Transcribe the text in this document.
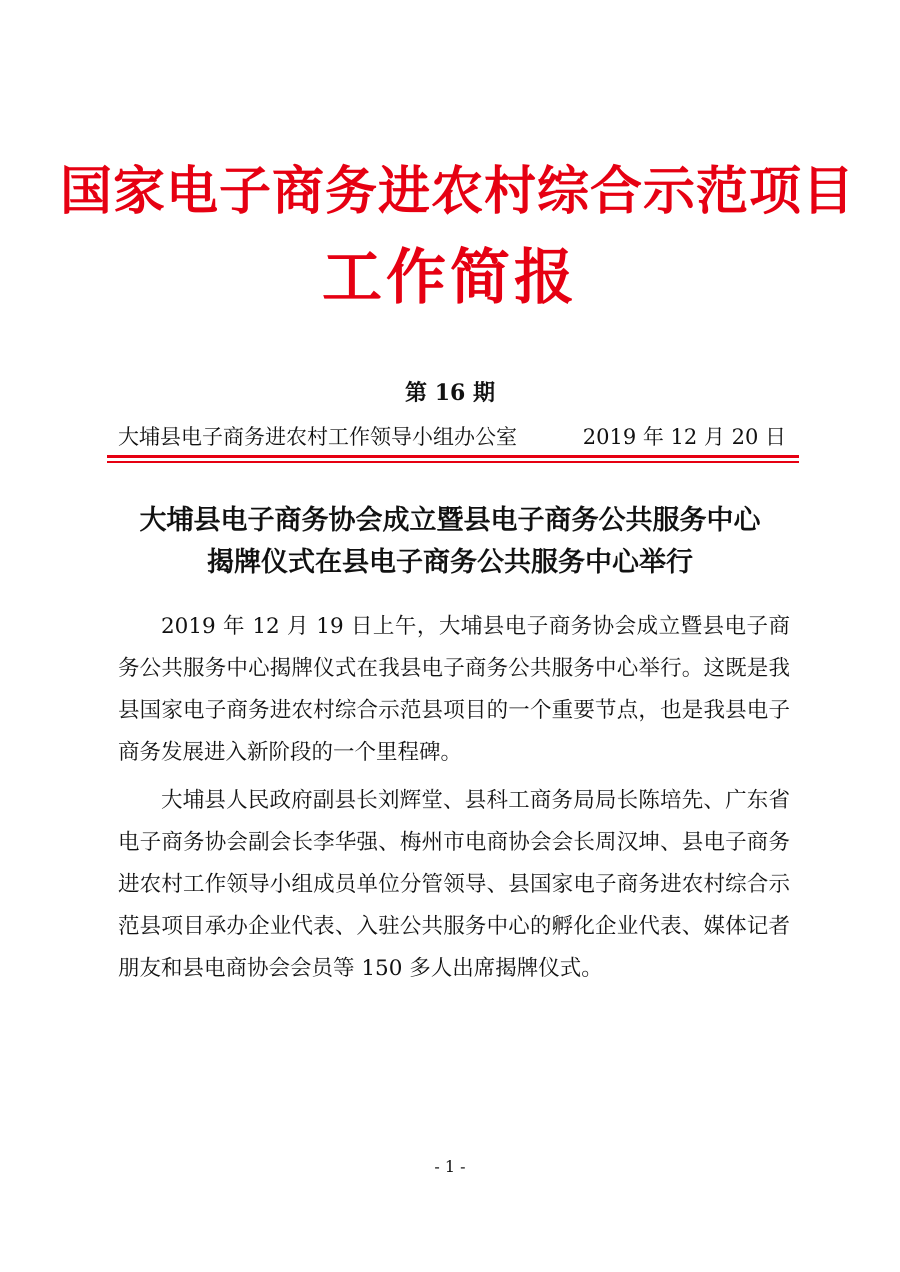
国家电子商务进农村综合示范项目
工作简报
第 16 期
大埔县电子商务进农村工作领导小组办公室	2019 年 12 月 20 日
大埔县电子商务协会成立暨县电子商务公共服务中心
揭牌仪式在县电子商务公共服务中心举行

2019 年 12 月 19 日上午，大埔县电子商务协会成立暨县电子商务公共服务中心揭牌仪式在我县电子商务公共服务中心举行。这既是我县国家电子商务进农村综合示范县项目的一个重要节点，也是我县电子商务发展进入新阶段的一个里程碑。

大埔县人民政府副县长刘辉堂、县科工商务局局长陈培先、广东省电子商务协会副会长李华强、梅州市电商协会会长周汉坤、县电子商务进农村工作领导小组成员单位分管领导、县国家电子商务进农村综合示范县项目承办企业代表、入驻公共服务中心的孵化企业代表、媒体记者朋友和县电商协会会员等 150 多人出席揭牌仪式。

- 1 -
